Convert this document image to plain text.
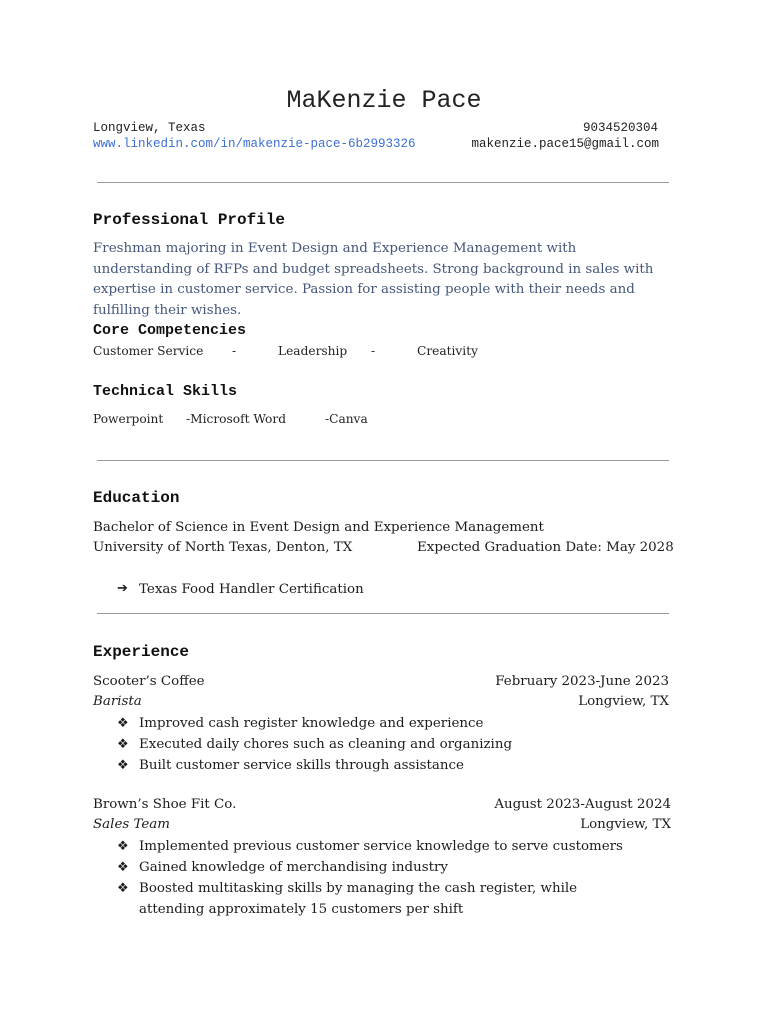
MaKenzie Pace
Longview, Texas	9034520304
www.linkedin.com/in/makenzie-pace-6b2993326	makenzie.pace15@gmail.com
Professional Profile
Freshman majoring in Event Design and Experience Management with understanding of RFPs and budget spreadsheets. Strong background in sales with expertise in customer service. Passion for assisting people with their needs and fulfilling their wishes.
Core Competencies
Customer Service -	Leadership -	Creativity
Technical Skills
Powerpoint -Microsoft Word	-Canva
Education
Bachelor of Science in Event Design and Experience Management
University of North Texas, Denton, TX	Expected Graduation Date: May 2028
➔ Texas Food Handler Certification
Experience
Scooter’s Coffee	February 2023-June 2023
Barista	Longview, TX
❖ Improved cash register knowledge and experience
❖ Executed daily chores such as cleaning and organizing
❖ Built customer service skills through assistance
Brown’s Shoe Fit Co.	August 2023-August 2024
Sales Team	Longview, TX
❖ Implemented previous customer service knowledge to serve customers
❖ Gained knowledge of merchandising industry
❖ Boosted multitasking skills by managing the cash register, while attending approximately 15 customers per shift
